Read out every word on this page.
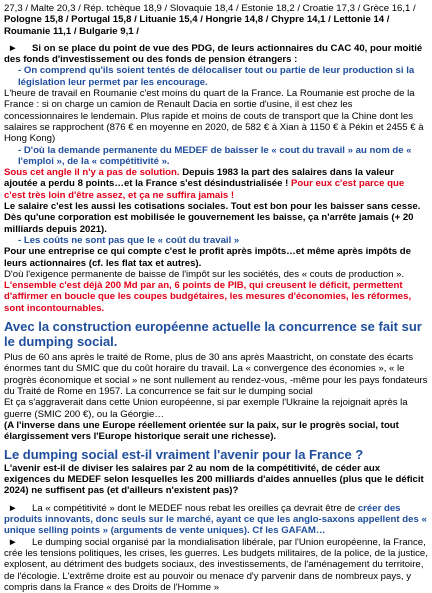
27,3 / Malte 20,3 / Rép. tchèque 18,9 / Slovaquie 18,4 / Estonie 18,2 / Croatie 17,3 / Grèce 16,1 /

Pologne 15,8 / Portugal 15,8 / Lituanie 15,4 / Hongrie 14,8 / Chypre 14,1 / Lettonie 14 /

Roumanie 11,1 / Bulgarie 9,1 /

► Si on se place du point de vue des PDG, de leurs actionnaires du CAC 40, pour moitié des fonds d'investissement ou des fonds de pension étrangers :

- On comprend qu'ils soient tentés de délocaliser tout ou partie de leur production si la législation leur permet par les encourage.

L'heure de travail en Roumanie c'est moins du quart de la France. La Roumanie est proche de la France : si on charge un camion de Renault Dacia en sortie d'usine, il est chez les concessionnaires le lendemain. Plus rapide et moins de couts de transport que la Chine dont les salaires se rapprochent (876 € en moyenne en 2020, de 582 € à Xian à 1150 € à Pékin et 2455 € à Hong Kong)

- D'où la demande permanente du MEDEF de baisser le « cout du travail » au nom de « l'emploi », de la « compétitivité ».

Sous cet angle il n'y a pas de solution. Depuis 1983 la part des salaires dans la valeur ajoutée a perdu 8 points…et la France s'est désindustrialisée ! Pour eux c'est parce que c'est très loin d'être assez, et ça ne suffira jamais !

Le salaire c'est les aussi les cotisations sociales. Tout est bon pour les baisser sans cesse. Dès qu'une corporation est mobilisée le gouvernement les baisse, ça n'arrête jamais (+ 20 milliards depuis 2021).

- Les coûts ne sont pas que le « coût du travail »

Pour une entreprise ce qui compte c'est le profit après impôts…et même après impôts de leurs actionnaires (cf. les flat tax et autres).

D'où l'exigence permanente de baisse de l'impôt sur les sociétés, des « couts de production ».

L'ensemble c'est déjà 200 Md par an, 6 points de PIB, qui creusent le déficit, permettent d'affirmer en boucle que les coupes budgétaires, les mesures d'économies, les réformes, sont incontournables.

Avec la construction européenne actuelle la concurrence se fait sur le dumping social.

Plus de 60 ans après le traité de Rome, plus de 30 ans après Maastricht, on constate des écarts énormes tant du SMIC que du coût horaire du travail. La « convergence des économies », « le progrès économique et social » ne sont nullement au rendez-vous, -même pour les pays fondateurs du Traité de Rome en 1957. La concurrence se fait sur le dumping social

Et ça s'aggraverait dans cette Union européenne, si par exemple l'Ukraine la rejoignait après la guerre (SMIC 200 €), ou la Géorgie…

(A l'inverse dans une Europe réellement orientée sur la paix, sur le progrès social, tout élargissement vers l'Europe historique serait une richesse).

Le dumping social est-il vraiment l'avenir pour la France ?

L'avenir est-il de diviser les salaires par 2 au nom de la compétitivité, de céder aux exigences du MEDEF selon lesquelles les 200 milliards d'aides annuelles (plus que le déficit 2024) ne suffisent pas (et d'ailleurs n'existent pas)?

► La « compétitivité » dont le MEDEF nous rebat les oreilles ça devrait être de créer des produits innovants, donc seuls sur le marché, ayant ce que les anglo-saxons appellent des « unique selling points » (arguments de vente uniques). Cf les GAFAM…

► Le dumping social organisé par la mondialisation libérale, par l'Union européenne, la France, crée les tensions politiques, les crises, les guerres. Les budgets militaires, de la police, de la justice, explosent, au détriment des budgets sociaux, des investissements, de l'aménagement du territoire, de l'écologie. L'extrême droite est au pouvoir ou menace d'y parvenir dans de nombreux pays, y compris dans la France « des Droits de l'Homme »
